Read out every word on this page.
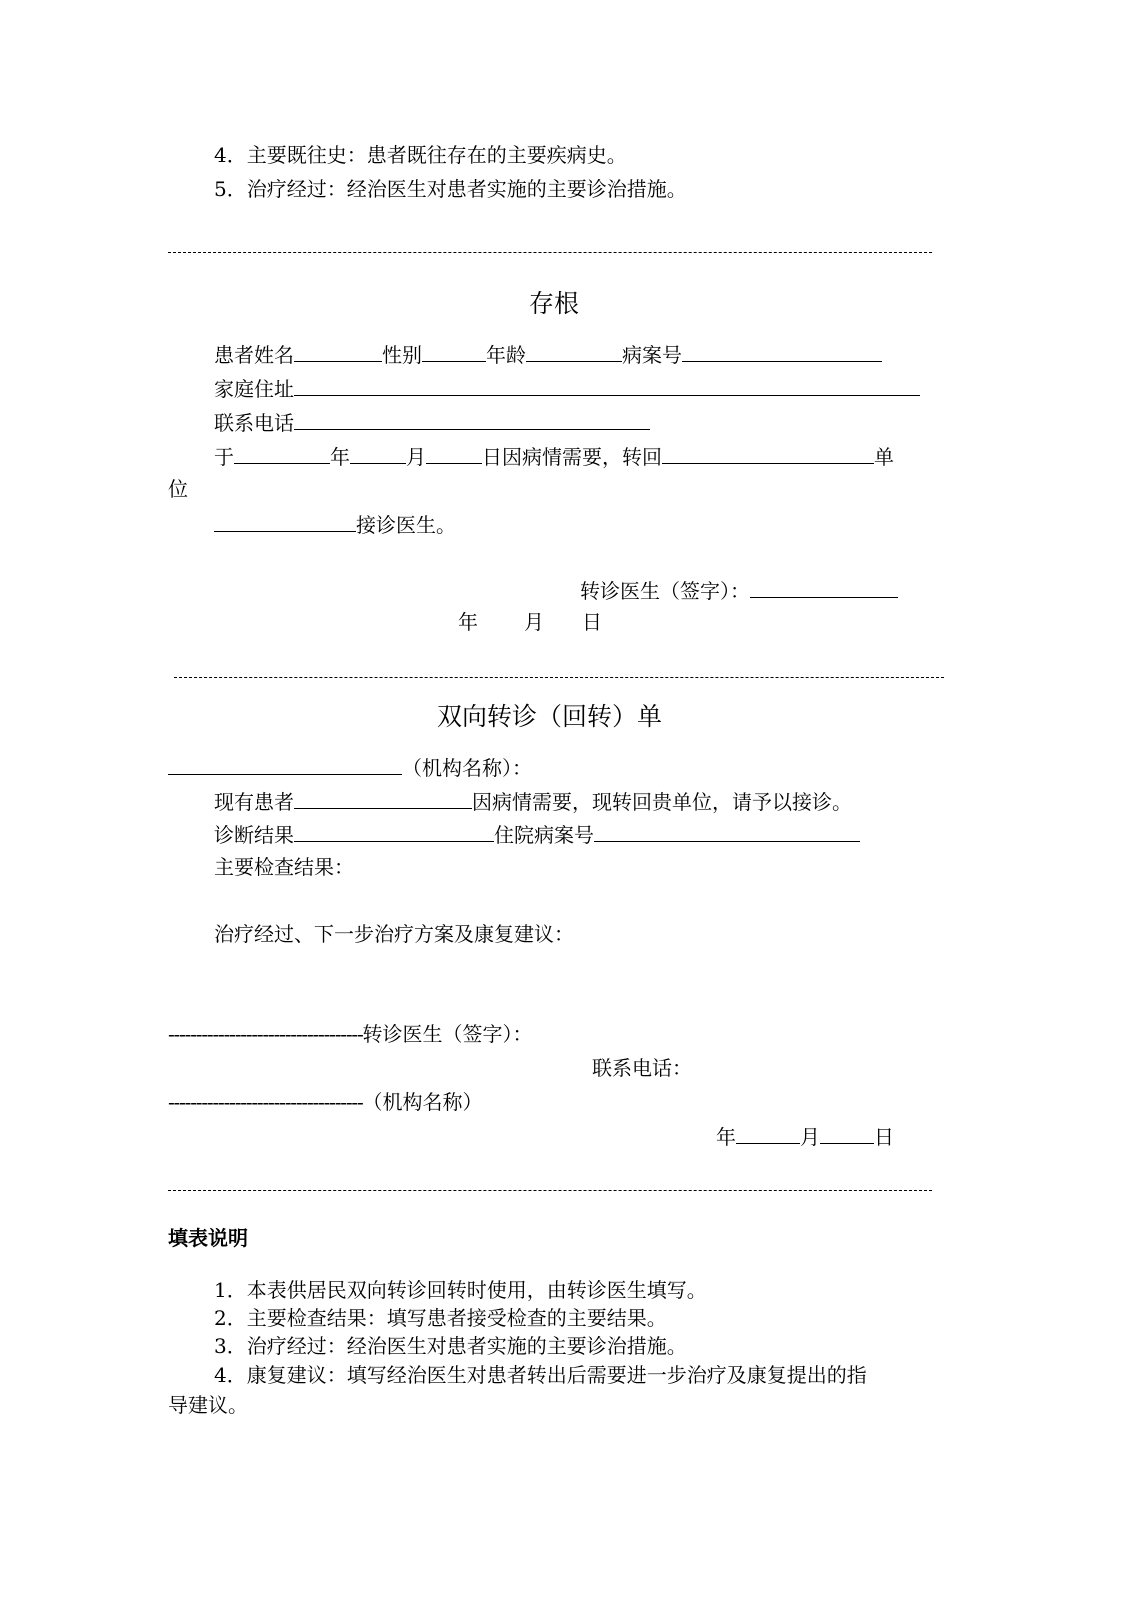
4．主要既往史：患者既往存在的主要疾病史。
5．治疗经过：经治医生对患者实施的主要诊治措施。
存根
患者姓名	性别	年龄	病案号
家庭住址
联系电话
于	年	月	日因病情需要，转回	单
位
接诊医生。
转诊医生（签字）：
年 月 日
双向转诊（回转）单
（机构名称）：
现有患者	因病情需要，现转回贵单位，请予以接诊。
诊断结果	住院病案号
主要检查结果：
治疗经过、下一步治疗方案及康复建议：
-----------------------------------转诊医生（签字）：
联系电话：
-----------------------------------（机构名称）
年	月	日
填表说明
1．本表供居民双向转诊回转时使用，由转诊医生填写。
2．主要检查结果：填写患者接受检查的主要结果。
3．治疗经过：经治医生对患者实施的主要诊治措施。
4．康复建议：填写经治医生对患者转出后需要进一步治疗及康复提出的指
导建议。
